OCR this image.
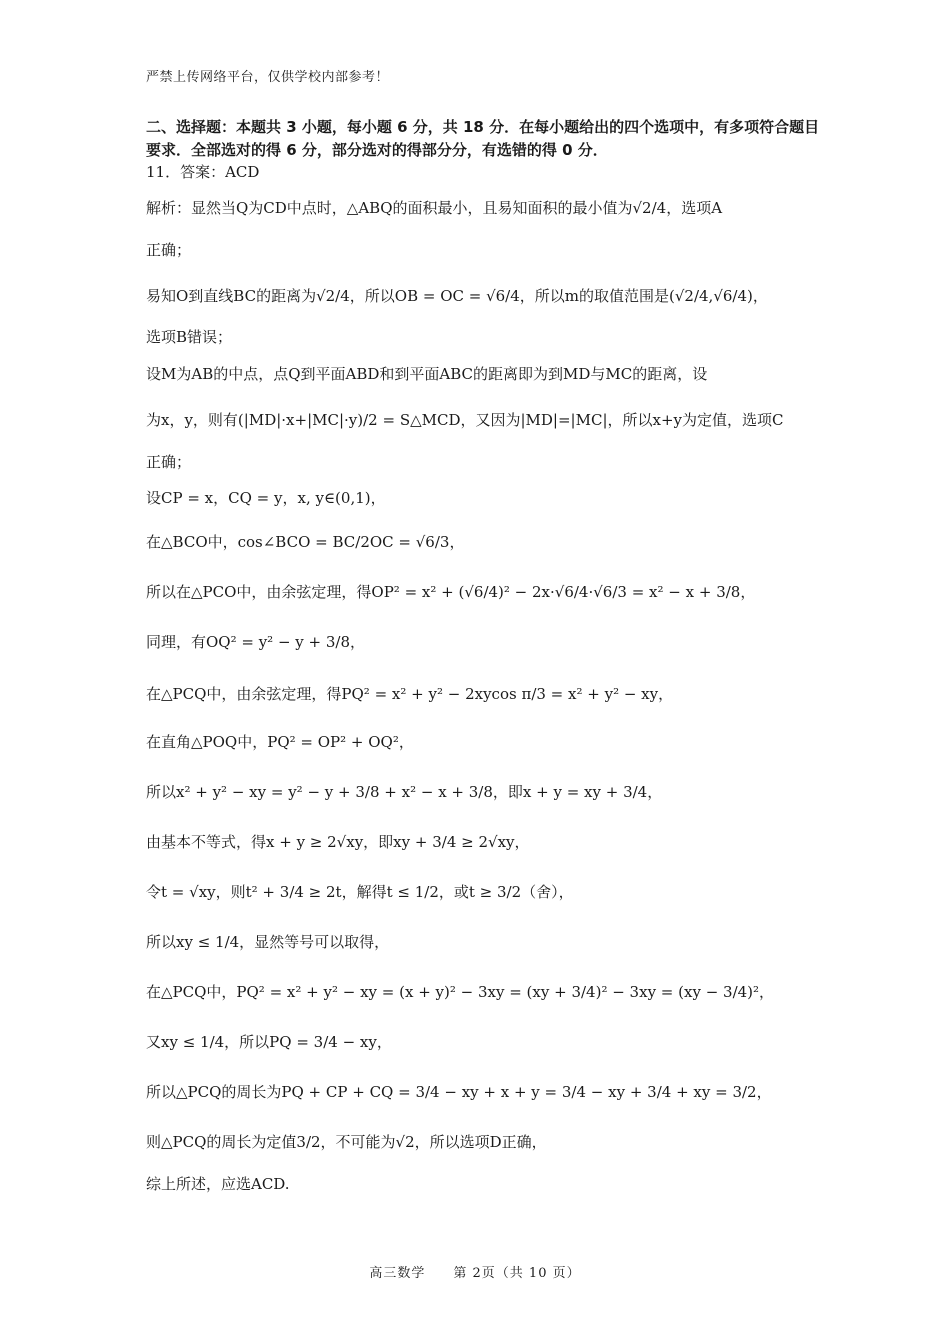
严禁上传网络平台，仅供学校内部参考！
二、选择题：本题共 3 小题，每小题 6 分，共 18 分．在每小题给出的四个选项中，有多项符合题目要求．全部选对的得 6 分，部分选对的得部分分，有选错的得 0 分．
11．答案：ACD
解析：显然当Q为CD中点时，△ABQ的面积最小，且易知面积的最小值为√2/4，选项A
正确；
易知O到直线BC的距离为√2/4，所以OB = OC = √6/4，所以m的取值范围是(√2/4,√6/4)，
选项B错误；
设M为AB的中点，点Q到平面ABD和到平面ABC的距离即为到MD与MC的距离，设
为x，y，则有(|MD|·x+|MC|·y)/2 = S△MCD，又因为|MD|=|MC|，所以x+y为定值，选项C
正确；
设CP = x，CQ = y，x, y∈(0,1)，
在△BCO中，cos∠BCO = BC/2OC = √6/3，
所以在△PCO中，由余弦定理，得OP² = x² + (√6/4)² − 2x·√6/4·√6/3 = x² − x + 3/8，
同理，有OQ² = y² − y + 3/8，
在△PCQ中，由余弦定理，得PQ² = x² + y² − 2xycos π/3 = x² + y² − xy，
在直角△POQ中，PQ² = OP² + OQ²，
所以x² + y² − xy = y² − y + 3/8 + x² − x + 3/8，即x + y = xy + 3/4，
由基本不等式，得x + y ≥ 2√xy，即xy + 3/4 ≥ 2√xy，
令t = √xy，则t² + 3/4 ≥ 2t，解得t ≤ 1/2，或t ≥ 3/2（舍），
所以xy ≤ 1/4，显然等号可以取得，
在△PCQ中，PQ² = x² + y² − xy = (x + y)² − 3xy = (xy + 3/4)² − 3xy = (xy − 3/4)²，
又xy ≤ 1/4，所以PQ = 3/4 − xy，
所以△PCQ的周长为PQ + CP + CQ = 3/4 − xy + x + y = 3/4 − xy + 3/4 + xy = 3/2，
则△PCQ的周长为定值3/2，不可能为√2，所以选项D正确，
综上所述，应选ACD.
高三数学　　第 2页（共 10 页）
